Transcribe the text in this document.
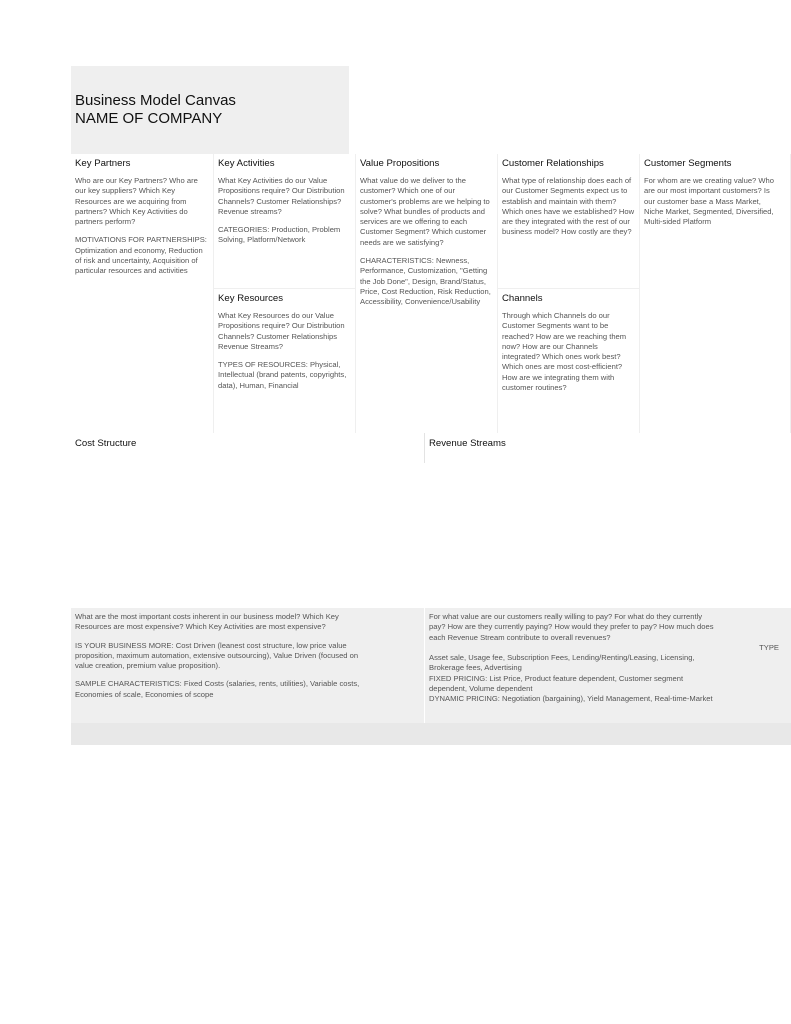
Business Model Canvas
NAME OF COMPANY
Key Partners

Who are our Key Partners? Who are our key suppliers? Which Key Resources are we acquiring from partners? Which Key Activities do partners perform?

MOTIVATIONS FOR PARTNERSHIPS: Optimization and economy, Reduction of risk and uncertainty, Acquisition of particular resources and activities

Key Activities

What Key Activities do our Value Propositions require? Our Distribution Channels? Customer Relationships? Revenue streams?

CATEGORIES: Production, Problem Solving, Platform/Network

Key Resources

What Key Resources do our Value Propositions require? Our Distribution Channels? Customer Relationships Revenue Streams?

TYPES OF RESOURCES: Physical, Intellectual (brand patents, copyrights, data), Human, Financial

Value Propositions

What value do we deliver to the customer? Which one of our customer's problems are we helping to solve? What bundles of products and services are we offering to each Customer Segment? Which customer needs are we satisfying?

CHARACTERISTICS: Newness, Performance, Customization, "Getting the Job Done", Design, Brand/Status, Price, Cost Reduction, Risk Reduction, Accessibility, Convenience/Usability

Customer Relationships

What type of relationship does each of our Customer Segments expect us to establish and maintain with them? Which ones have we established? How are they integrated with the rest of our business model? How costly are they?

Channels

Through which Channels do our Customer Segments want to be reached? How are we reaching them now? How are our Channels integrated? Which ones work best? Which ones are most cost-efficient? How are we integrating them with customer routines?

Customer Segments

For whom are we creating value? Who are our most important customers? Is our customer base a Mass Market, Niche Market, Segmented, Diversified, Multi-sided Platform

Cost Structure	Revenue Streams
What are the most important costs inherent in our business model? Which Key
Resources are most expensive? Which Key Activities are most expensive?
IS YOUR BUSINESS MORE: Cost Driven (leanest cost structure, low price value
proposition, maximum automation, extensive outsourcing), Value Driven (focused on
value creation, premium value proposition).
SAMPLE CHARACTERISTICS: Fixed Costs (salaries, rents, utilities), Variable costs,
Economies of scale, Economies of scope
For what value are our customers really willing to pay? For what do they currently
pay? How are they currently paying? How would they prefer to pay? How much does
each Revenue Stream contribute to overall revenues?
TYPE
Asset sale, Usage fee, Subscription Fees, Lending/Renting/Leasing, Licensing,
Brokerage fees, Advertising
FIXED PRICING: List Price, Product feature dependent, Customer segment
dependent, Volume dependent
DYNAMIC PRICING: Negotiation (bargaining), Yield Management, Real-time-Market
